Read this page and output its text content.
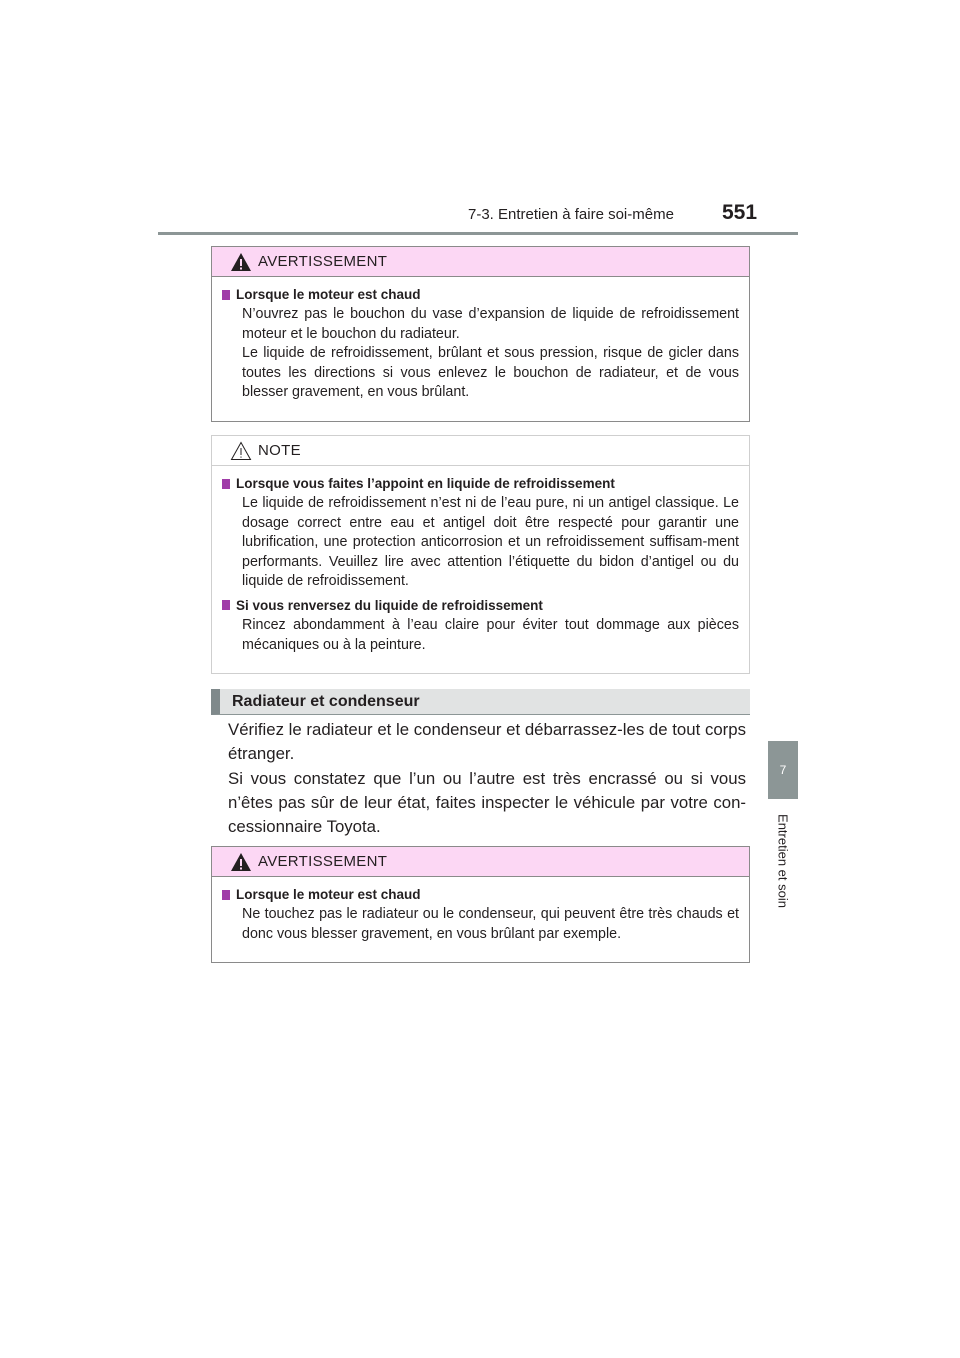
7-3. Entretien à faire soi-même 551
7
Entretien et soin
AVERTISSEMENT
Lorsque le moteur est chaud
N’ouvrez pas le bouchon du vase d’expansion de liquide de refroidissement moteur et le bouchon du radiateur.
Le liquide de refroidissement, brûlant et sous pression, risque de gicler dans toutes les directions si vous enlevez le bouchon de radiateur, et de vous blesser gravement, en vous brûlant.
NOTE
Lorsque vous faites l’appoint en liquide de refroidissement
Le liquide de refroidissement n’est ni de l’eau pure, ni un antigel classique. Le dosage correct entre eau et antigel doit être respecté pour garantir une lubrification, une protection anticorrosion et un refroidissement suffisam-ment performants. Veuillez lire avec attention l’étiquette du bidon d’antigel ou du liquide de refroidissement.
Si vous renversez du liquide de refroidissement
Rincez abondamment à l’eau claire pour éviter tout dommage aux pièces mécaniques ou à la peinture.
Radiateur et condenseur

Vérifiez le radiateur et le condenseur et débarrassez-les de tout corps étranger.

Si vous constatez que l’un ou l’autre est très encrassé ou si vous n’êtes pas sûr de leur état, faites inspecter le véhicule par votre con-cessionnaire Toyota.

AVERTISSEMENT
Lorsque le moteur est chaud
Ne touchez pas le radiateur ou le condenseur, qui peuvent être très chauds et donc vous blesser gravement, en vous brûlant par exemple.
